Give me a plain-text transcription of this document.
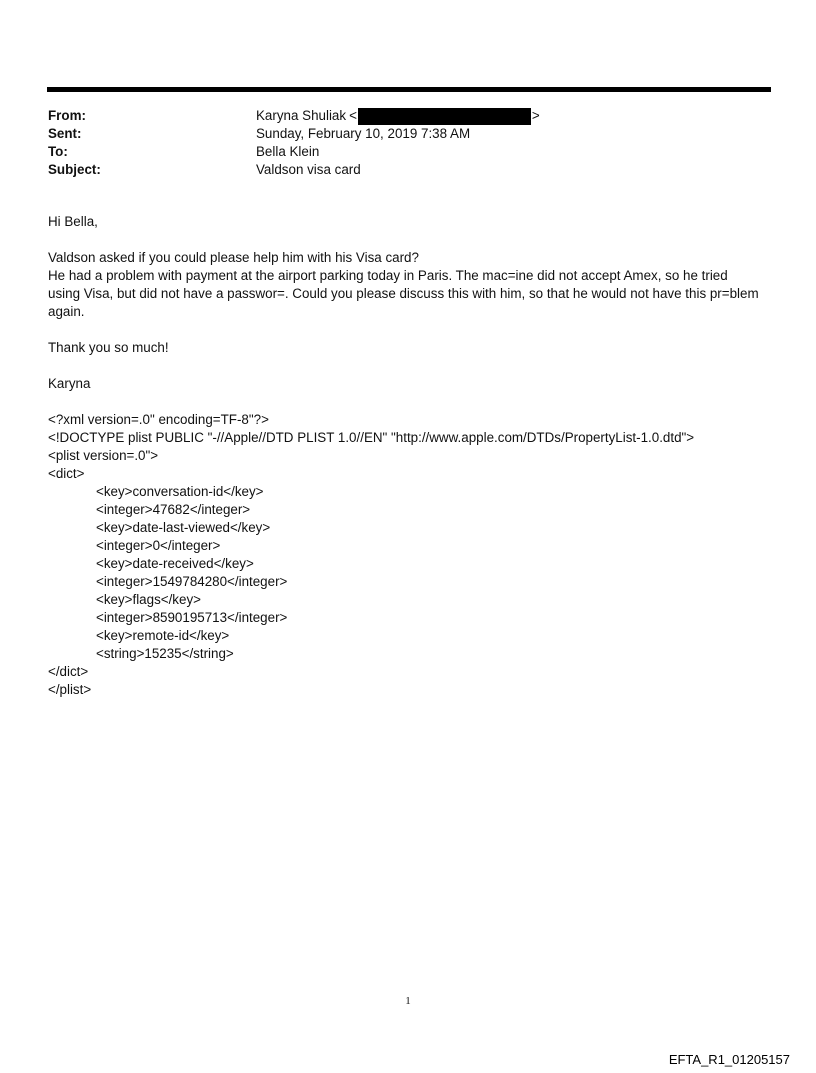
From:	Karyna Shuliak <	>
Sent:	Sunday, February 10, 2019 7:38 AM
To:	Bella Klein
Subject:	Valdson visa card
Hi Bella,
Valdson asked if you could please help him with his Visa card?
He had a problem with payment at the airport parking today in Paris. The mac=ine did not accept Amex, so he tried
using Visa, but did not have a passwor=. Could you please discuss this with him, so that he would not have this pr=blem
again.
Thank you so much!
Karyna
<?xml version=.0" encoding=TF-8"?>
<!DOCTYPE plist PUBLIC "-//Apple//DTD PLIST 1.0//EN" "http://www.apple.com/DTDs/PropertyList-1.0.dtd">
<plist version=.0">
<dict>
<key>conversation-id</key>
<integer>47682</integer>
<key>date-last-viewed</key>
<integer>0</integer>
<key>date-received</key>
<integer>1549784280</integer>
<key>flags</key>
<integer>8590195713</integer>
<key>remote-id</key>
<string>15235</string>
</dict>
</plist>
1
EFTA_R1_01205157
